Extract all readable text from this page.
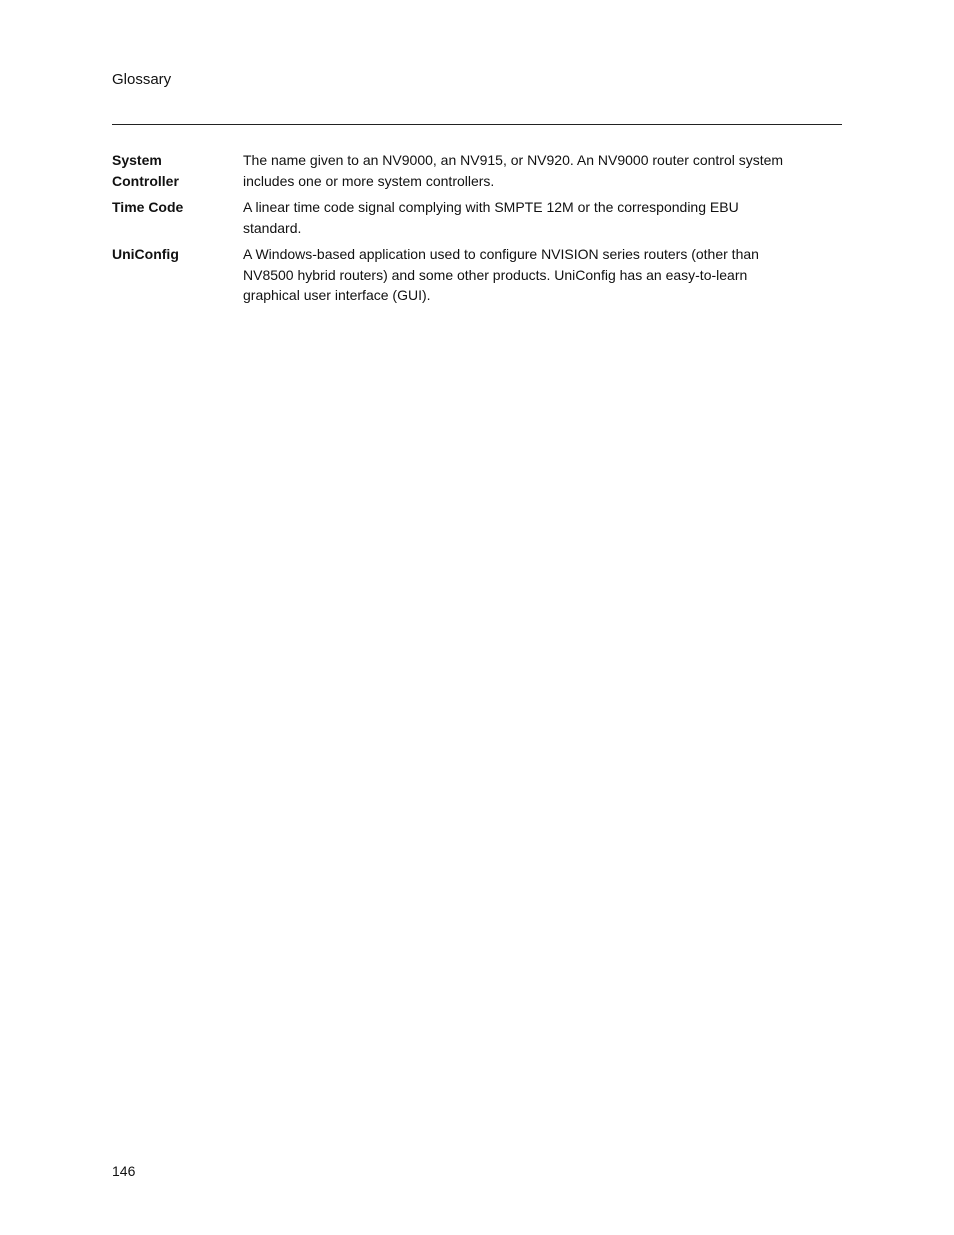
Glossary
System
Controller
The name given to an NV9000, an NV915, or NV920. An NV9000 router control system
includes one or more system controllers.
Time Code	A linear time code signal complying with SMPTE 12M or the corresponding EBU
standard.
UniConfig	A Windows-based application used to configure NVISION series routers (other than
NV8500 hybrid routers) and some other products. UniConfig has an easy-to-learn
graphical user interface (GUI).
146
